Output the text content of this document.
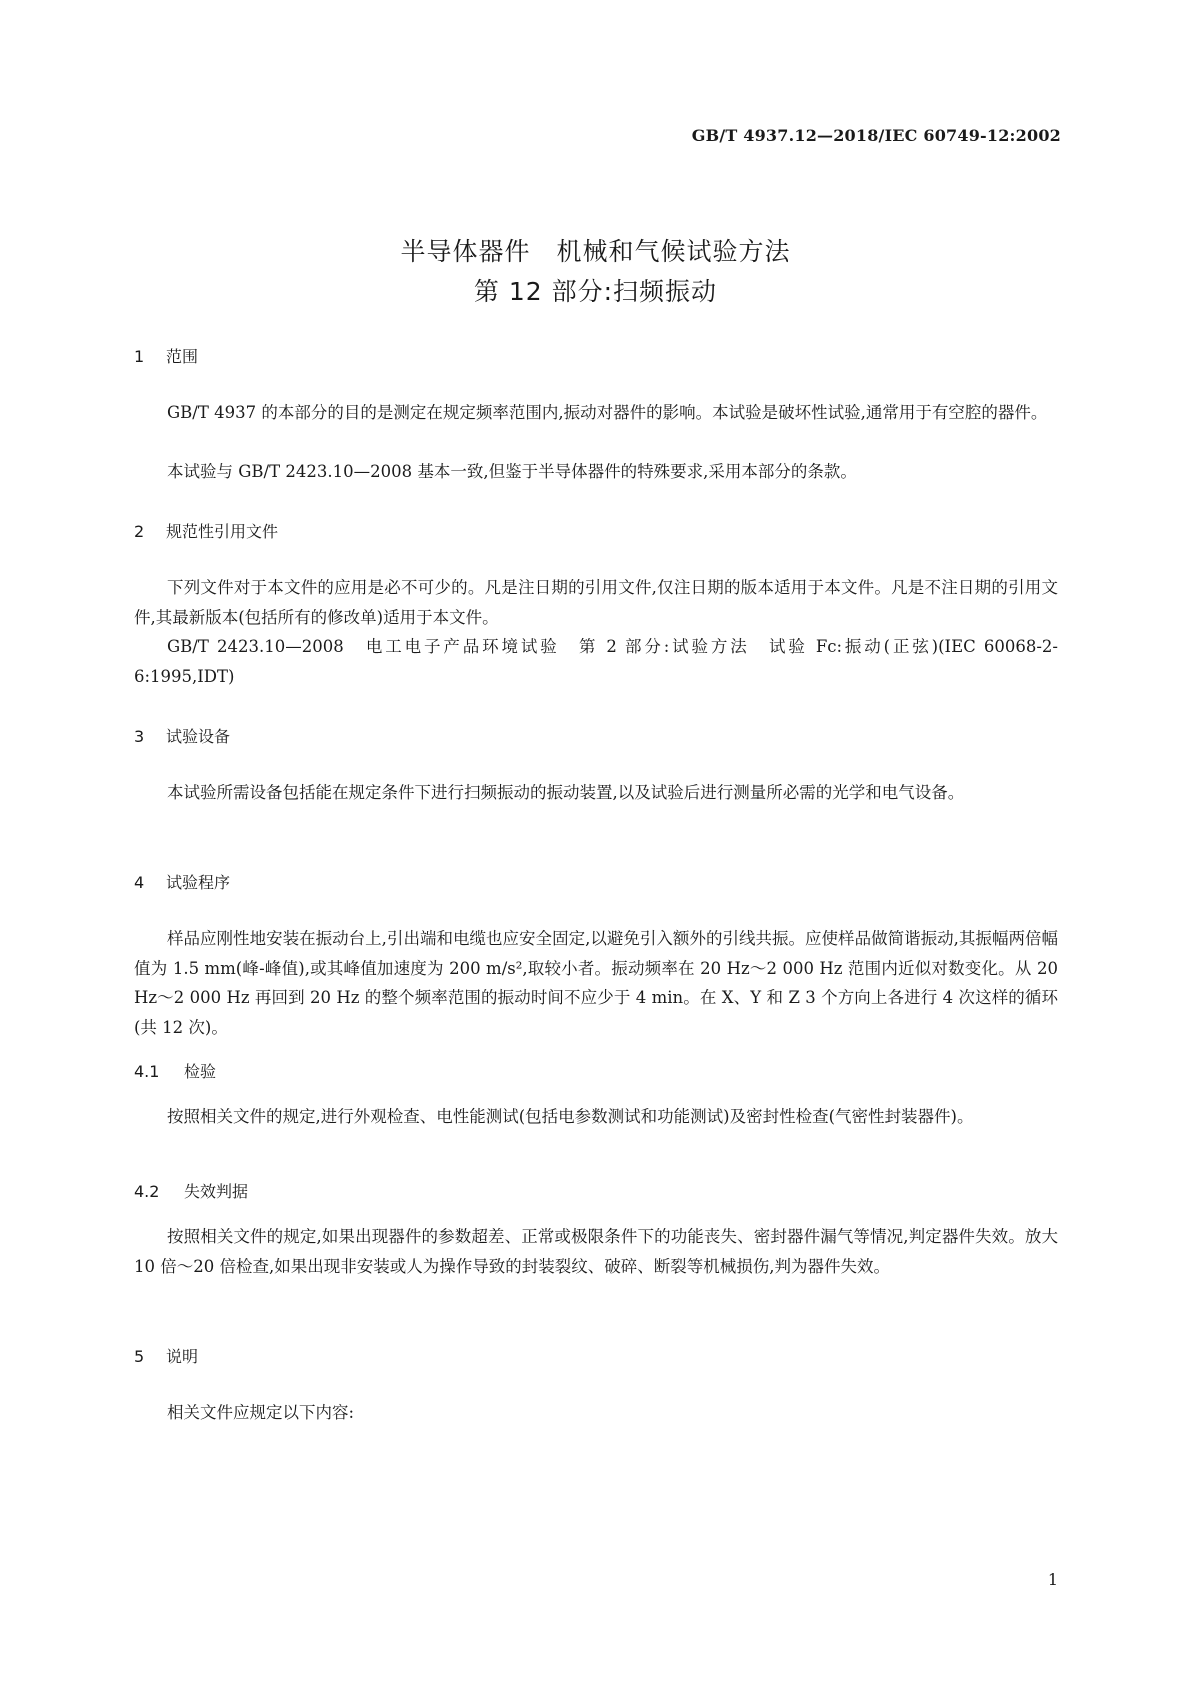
GB/T 4937.12—2018/IEC 60749-12:2002
半导体器件　机械和气候试验方法
第 12 部分:扫频振动
1 范围

GB/T 4937 的本部分的目的是测定在规定频率范围内,振动对器件的影响。本试验是破坏性试验,通常用于有空腔的器件。

本试验与 GB/T 2423.10—2008 基本一致,但鉴于半导体器件的特殊要求,采用本部分的条款。

2 规范性引用文件

下列文件对于本文件的应用是必不可少的。凡是注日期的引用文件,仅注日期的版本适用于本文件。凡是不注日期的引用文件,其最新版本(包括所有的修改单)适用于本文件。

GB/T 2423.10—2008　电工电子产品环境试验　第 2 部分:试验方法　试验 Fc:振动(正弦)(IEC 60068-2-6:1995,IDT)

3 试验设备

本试验所需设备包括能在规定条件下进行扫频振动的振动装置,以及试验后进行测量所必需的光学和电气设备。

4 试验程序

样品应刚性地安装在振动台上,引出端和电缆也应安全固定,以避免引入额外的引线共振。应使样品做简谐振动,其振幅两倍幅值为 1.5 mm(峰-峰值),或其峰值加速度为 200 m/s²,取较小者。振动频率在 20 Hz～2 000 Hz 范围内近似对数变化。从 20 Hz～2 000 Hz 再回到 20 Hz 的整个频率范围的振动时间不应少于 4 min。在 X、Y 和 Z 3 个方向上各进行 4 次这样的循环(共 12 次)。

4.1 检验

按照相关文件的规定,进行外观检查、电性能测试(包括电参数测试和功能测试)及密封性检查(气密性封装器件)。

4.2 失效判据

按照相关文件的规定,如果出现器件的参数超差、正常或极限条件下的功能丧失、密封器件漏气等情况,判定器件失效。放大 10 倍～20 倍检查,如果出现非安装或人为操作导致的封装裂纹、破碎、断裂等机械损伤,判为器件失效。

5 说明

相关文件应规定以下内容:

1
